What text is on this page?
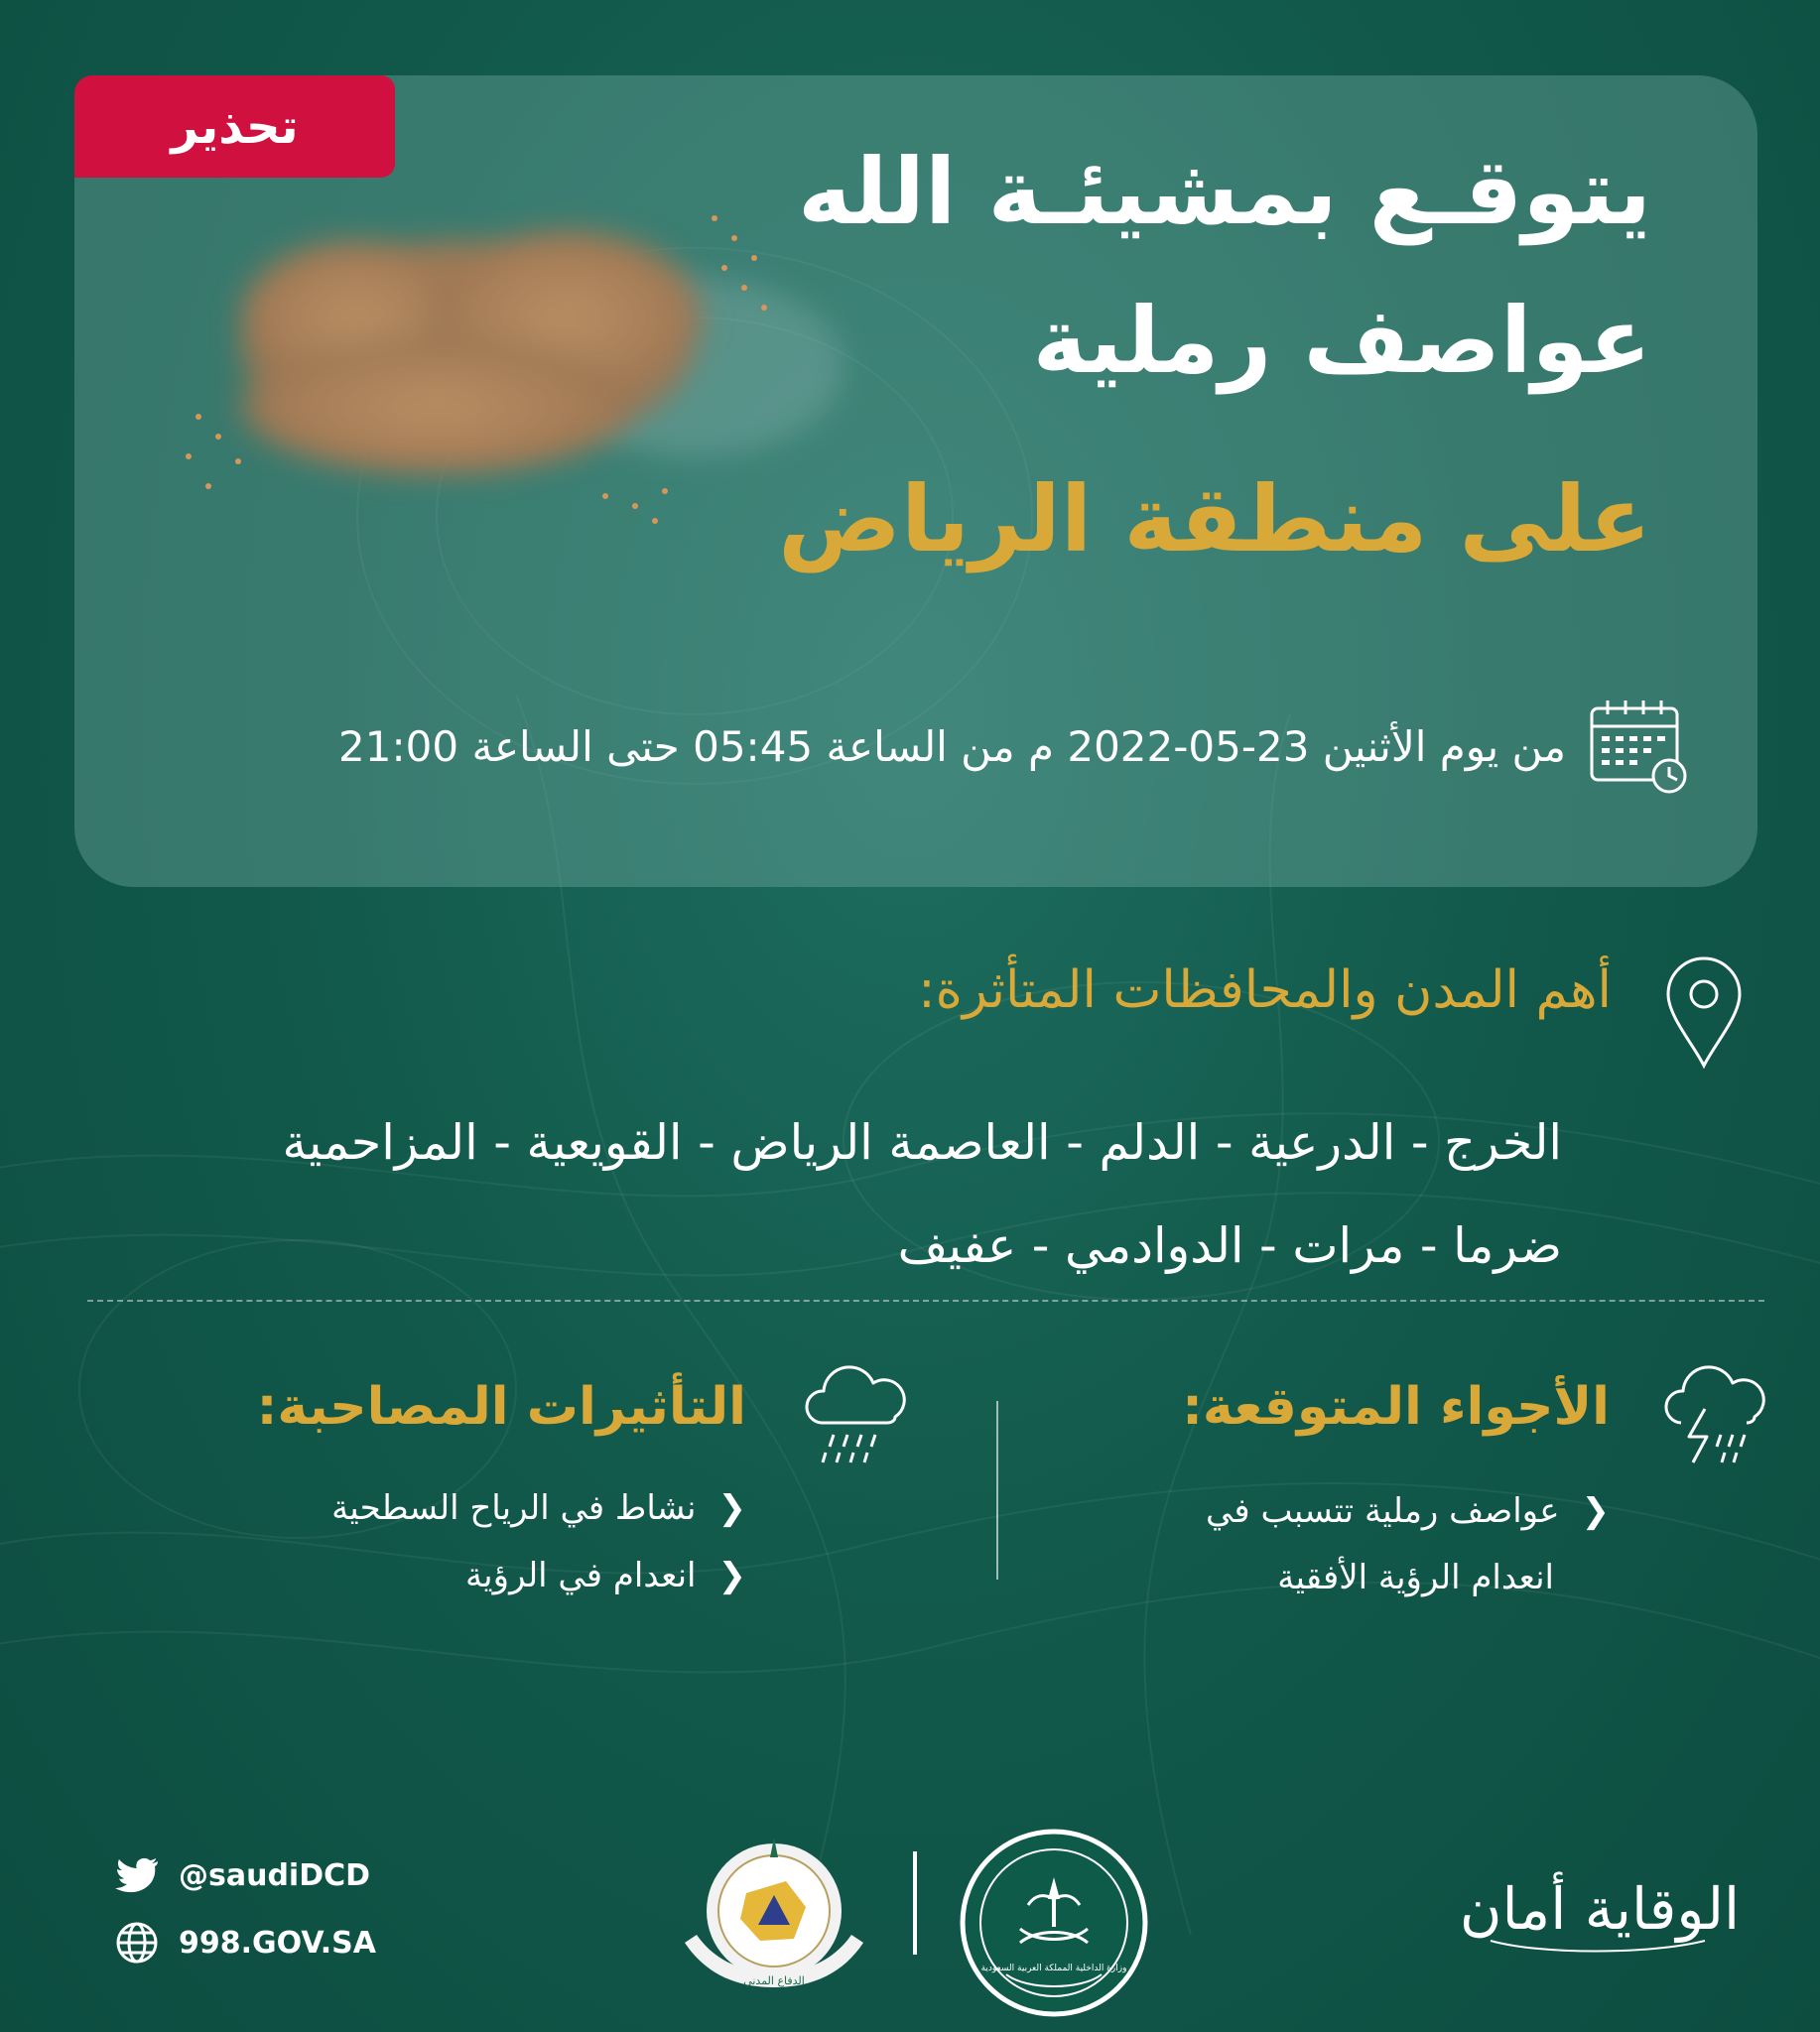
تحذير
يتوقـع بمشيئـة الله
عواصف رملية
على منطقة الرياض
من يوم الأثنين 23-05-2022 م من الساعة 05:45 حتى الساعة 21:00
أهم المدن والمحافظات المتأثرة:
الخرج - الدرعية - الدلم - العاصمة الرياض - القويعية - المزاحمية
ضرما - مرات - الدوادمي - عفيف
الأجواء المتوقعة:
❮
عواصف رملية تتسبب في
انعدام الرؤية الأفقية
التأثيرات المصاحبة:
❮
نشاط في الرياح السطحية
❮
انعدام في الرؤية
@saudiDCD
998.GOV.SA
الدفاع المدني
وزارة الداخلية المملكة العربية السعودية
الوقاية أمان
